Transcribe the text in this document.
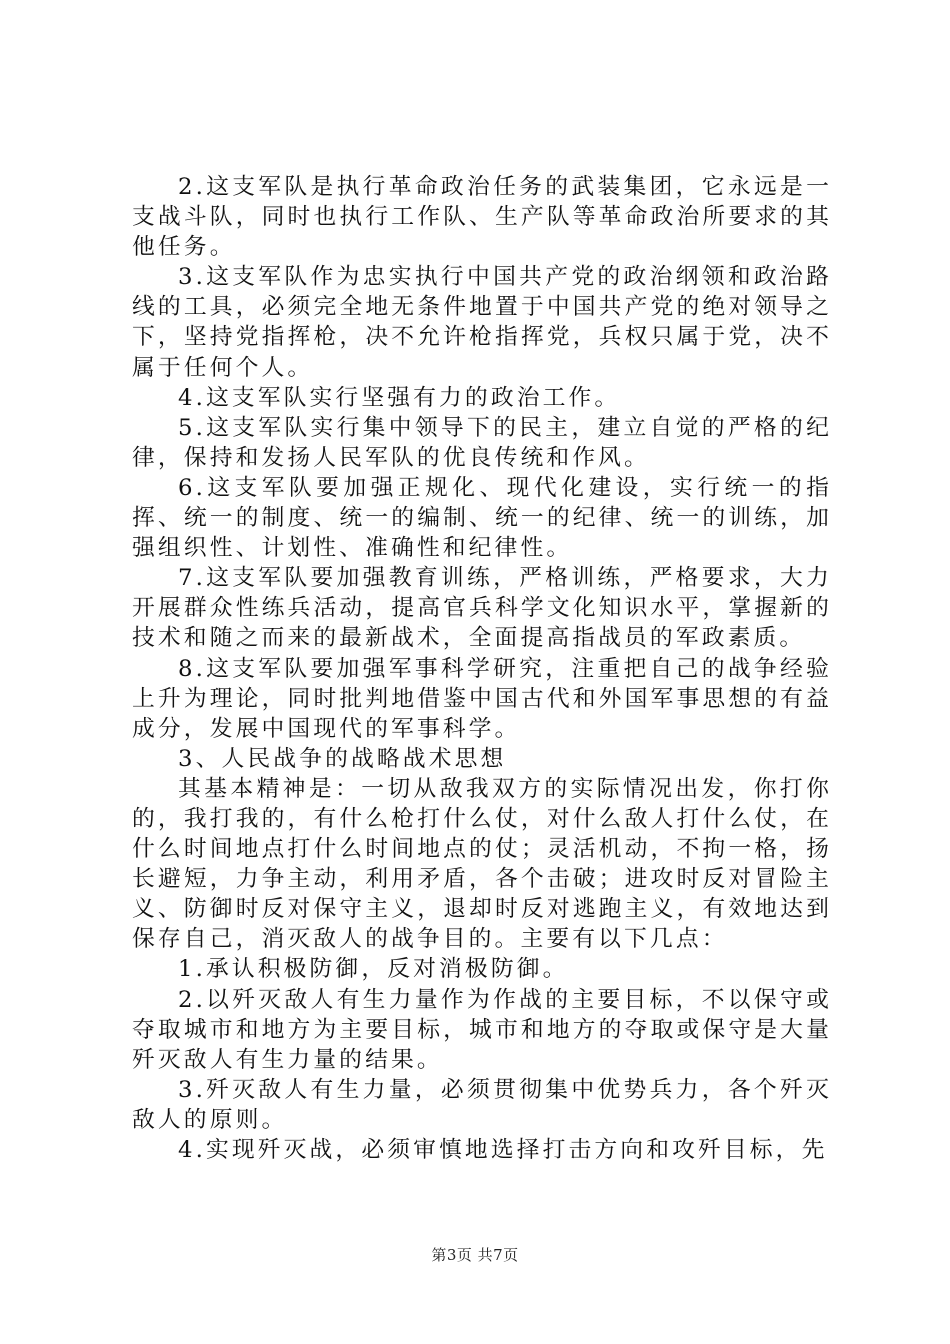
2.这支军队是执行革命政治任务的武装集团，它永远是一支战斗队，同时也执行工作队、生产队等革命政治所要求的其他任务。

3.这支军队作为忠实执行中国共产党的政治纲领和政治路线的工具，必须完全地无条件地置于中国共产党的绝对领导之下，坚持党指挥枪，决不允许枪指挥党，兵权只属于党，决不属于任何个人。

4.这支军队实行坚强有力的政治工作。

5.这支军队实行集中领导下的民主，建立自觉的严格的纪律，保持和发扬人民军队的优良传统和作风。

6.这支军队要加强正规化、现代化建设，实行统一的指挥、统一的制度、统一的编制、统一的纪律、统一的训练，加强组织性、计划性、准确性和纪律性。

7.这支军队要加强教育训练，严格训练，严格要求，大力开展群众性练兵活动，提高官兵科学文化知识水平，掌握新的技术和随之而来的最新战术，全面提高指战员的军政素质。

8.这支军队要加强军事科学研究，注重把自己的战争经验上升为理论，同时批判地借鉴中国古代和外国军事思想的有益成分，发展中国现代的军事科学。

3、人民战争的战略战术思想

其基本精神是：一切从敌我双方的实际情况出发，你打你的，我打我的，有什么枪打什么仗，对什么敌人打什么仗，在什么时间地点打什么时间地点的仗；灵活机动，不拘一格，扬长避短，力争主动，利用矛盾，各个击破；进攻时反对冒险主义、防御时反对保守主义，退却时反对逃跑主义，有效地达到保存自己，消灭敌人的战争目的。主要有以下几点：

1.承认积极防御，反对消极防御。

2.以歼灭敌人有生力量作为作战的主要目标，不以保守或夺取城市和地方为主要目标，城市和地方的夺取或保守是大量歼灭敌人有生力量的结果。

3.歼灭敌人有生力量，必须贯彻集中优势兵力，各个歼灭敌人的原则。

4.实现歼灭战，必须审慎地选择打击方向和攻歼目标，先

第3页 共7页
